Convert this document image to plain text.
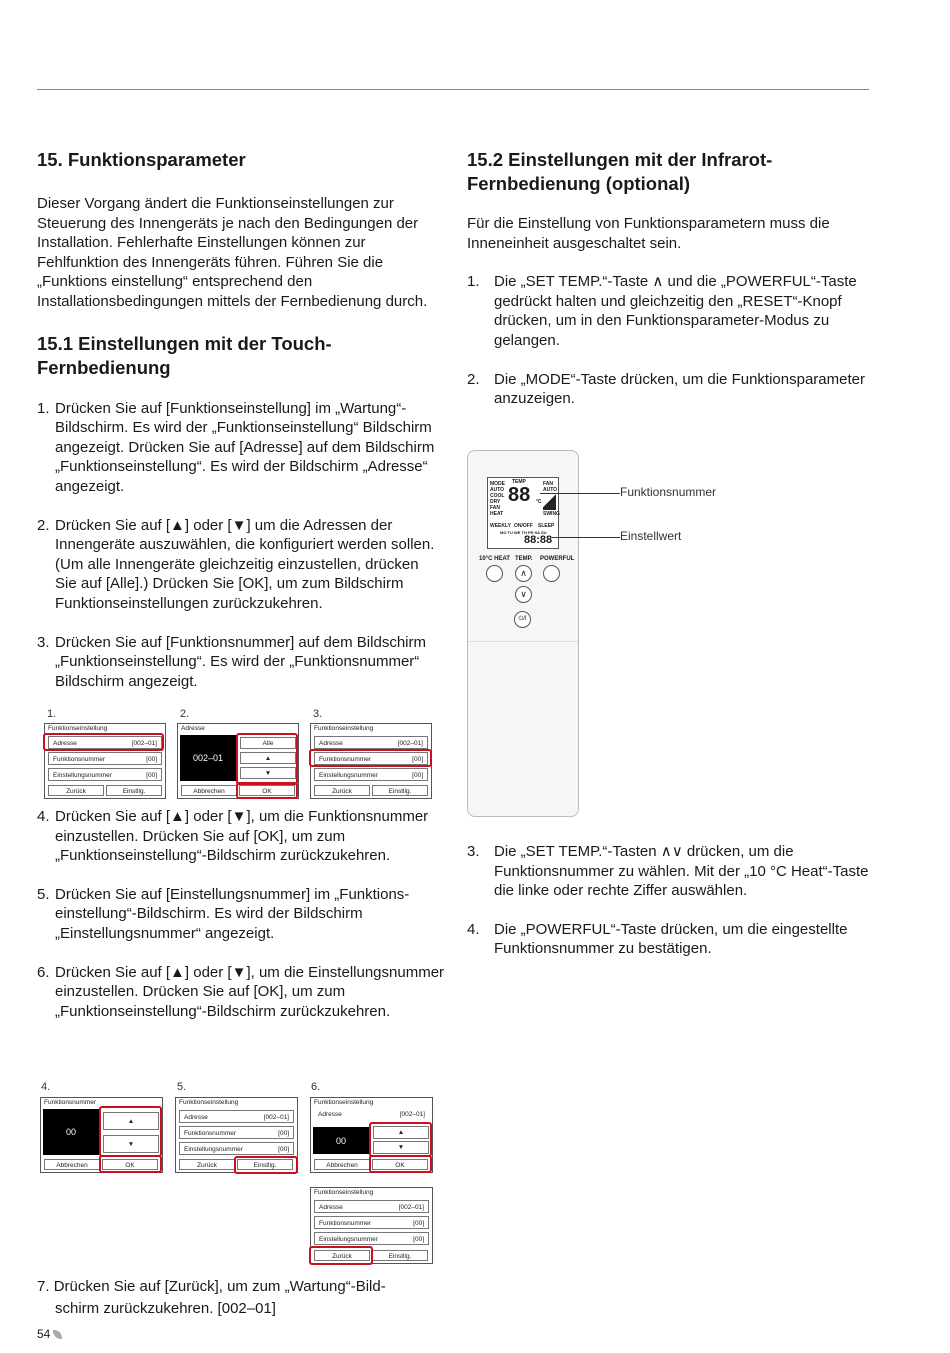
15. Funktionsparameter

Dieser Vorgang ändert die Funktionseinstellungen zur Steuerung des Innengeräts je nach den Bedingungen der Installation. Fehlerhafte Einstellungen können zur Fehlfunktion des Innengeräts führen. Führen Sie die „Funktions einstellung“ entsprechend den Installationsbedingungen mittels der Fernbedienung durch.

15.1 Einstellungen mit der Touch-Fernbedienung
1. Drücken Sie auf [Funktionseinstellung] im „Wartung“-Bildschirm. Es wird der „Funktionseinstellung“ Bildschirm angezeigt. Drücken Sie auf [Adresse] auf dem Bildschirm „Funktionseinstellung“. Es wird der Bildschirm „Adresse“ angezeigt.
2. Drücken Sie auf [▲] oder [▼] um die Adressen der Innengeräte auszuwählen, die konfiguriert werden sollen. (Um alle Innengeräte gleichzeitig einzustellen, drücken Sie auf [Alle].) Drücken Sie [OK], um zum Bildschirm Funktionseinstellungen zurückzukehren.
3. Drücken Sie auf [Funktionsnummer] auf dem Bildschirm „Funktionseinstellung“. Es wird der „Funktionsnummer“ Bildschirm angezeigt.
1.
Funktionseinstellung
Adresse	[002–01]
Funktionsnummer	[00]
Einstellungsnummer	[00]
Zurück	Einstllg.
2.
Adresse
002–01
Alle
▲
▼
Abbrechen	OK
3.
Funktionseinstellung
Adresse	[002–01]
Funktionsnummer	[00]
Einstellungsnummer	[00]
Zurück	Einstllg.
4. Drücken Sie auf [▲] oder [▼], um die Funktionsnummer einzustellen. Drücken Sie auf [OK], um zum „Funktionseinstellung“-Bildschirm zurückzukehren.
5. Drücken Sie auf [Einstellungsnummer] im „Funktions-einstellung“-Bildschirm. Es wird der Bildschirm „Einstellungsnummer“ angezeigt.
6. Drücken Sie auf [▲] oder [▼], um die Einstellungsnummer einzustellen. Drücken Sie auf [OK], um zum „Funktionseinstellung“-Bildschirm zurückzukehren.
4.
Funktionsnummer
00
▲
▼
Abbrechen	OK
5.
Funktionseinstellung
Adresse	[002–01]
Funktionsnummer	[00]
Einstellungsnummer	[00]
Zurück	Einstllg.
6.
Funktionseinstellung
Adresse	[002–01]
00
▲
▼
Abbrechen	OK
Funktionseinstellung
Adresse	[002–01]
Funktionsnummer	[00]
Einstellungsnummer	[00]
Zurück	Einstllg.
7. Drücken Sie auf [Zurück], um zum „Wartung“-Bild-
schirm zurückzukehren. [002–01]
15.2 Einstellungen mit der Infrarot-Fernbedienung (optional)

Für die Einstellung von Funktionsparametern muss die Inneneinheit ausgeschaltet sein.

1. Die „SET TEMP.“-Taste ∧ und die „POWERFUL“-Taste gedrückt halten und gleichzeitig den „RESET“-Knopf drücken, um in den Funktionsparameter-Modus zu gelangen.
2. Die „MODE“-Taste drücken, um die Funktionsparameter anzuzeigen.
MODE
AUTO
COOL
DRY
FAN
HEAT
TEMP
88 °C
FAN
AUTO
SWING
WEEKLY ON/OFF SLEEP
MO TU WE TH FR SA SU
88:88
10°C HEAT TEMP. POWERFUL
∧
∨
⏻/I
Funktionsnummer
Einstellwert
3. Die „SET TEMP.“-Tasten ∧∨ drücken, um die Funktionsnummer zu wählen. Mit der „10 °C Heat“-Taste die linke oder rechte Ziffer auswählen.
4. Die „POWERFUL“-Taste drücken, um die eingestellte Funktionsnummer zu bestätigen.
54
